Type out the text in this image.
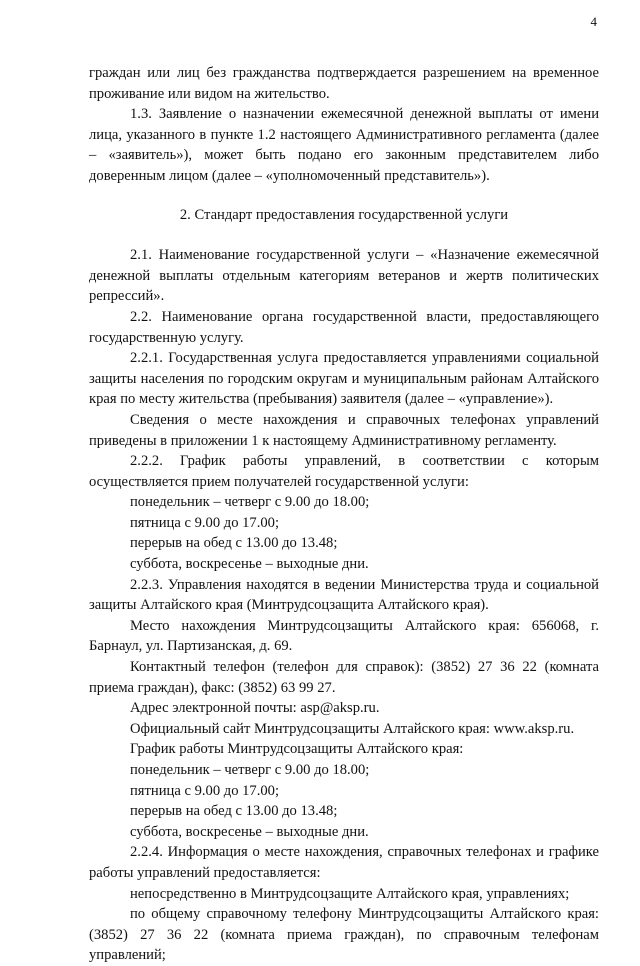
4

граждан или лиц без гражданства подтверждается разрешением на временное проживание или видом на жительство.

1.3. Заявление о назначении ежемесячной денежной выплаты от имени лица, указанного в пункте 1.2 настоящего Административного регламента (далее – «заявитель»), может быть подано его законным представителем либо доверенным лицом (далее – «уполномоченный представитель»).

2. Стандарт предоставления государственной услуги

2.1. Наименование государственной услуги – «Назначение ежемесячной денежной выплаты отдельным категориям ветеранов и жертв политических репрессий».

2.2. Наименование органа государственной власти, предоставляющего государственную услугу.

2.2.1. Государственная услуга предоставляется управлениями социальной защиты населения по городским округам и муниципальным районам Алтайского края по месту жительства (пребывания) заявителя (далее – «управление»).

Сведения о месте нахождения и справочных телефонах управлений приведены в приложении 1 к настоящему Административному регламенту.

2.2.2. График работы управлений, в соответствии с которым осуществляется прием получателей государственной услуги:

понедельник – четверг с 9.00 до 18.00;

пятница с 9.00 до 17.00;

перерыв на обед с 13.00 до 13.48;

суббота, воскресенье – выходные дни.

2.2.3. Управления находятся в ведении Министерства труда и социальной защиты Алтайского края (Минтрудсоцзащита Алтайского края).

Место нахождения Минтрудсоцзащиты Алтайского края: 656068, г. Барнаул, ул. Партизанская, д. 69.

Контактный телефон (телефон для справок): (3852) 27 36 22 (комната приема граждан), факс: (3852) 63 99 27.

Адрес электронной почты: asp@aksp.ru.

Официальный сайт Минтрудсоцзащиты Алтайского края: www.aksp.ru.

График работы Минтрудсоцзащиты Алтайского края:

понедельник – четверг с 9.00 до 18.00;

пятница с 9.00 до 17.00;

перерыв на обед с 13.00 до 13.48;

суббота, воскресенье – выходные дни.

2.2.4. Информация о месте нахождения, справочных телефонах и графике работы управлений предоставляется:

непосредственно в Минтрудсоцзащите Алтайского края, управлениях;

по общему справочному телефону Минтрудсоцзащиты Алтайского края: (3852) 27 36 22 (комната приема граждан), по справочным телефонам управлений;
